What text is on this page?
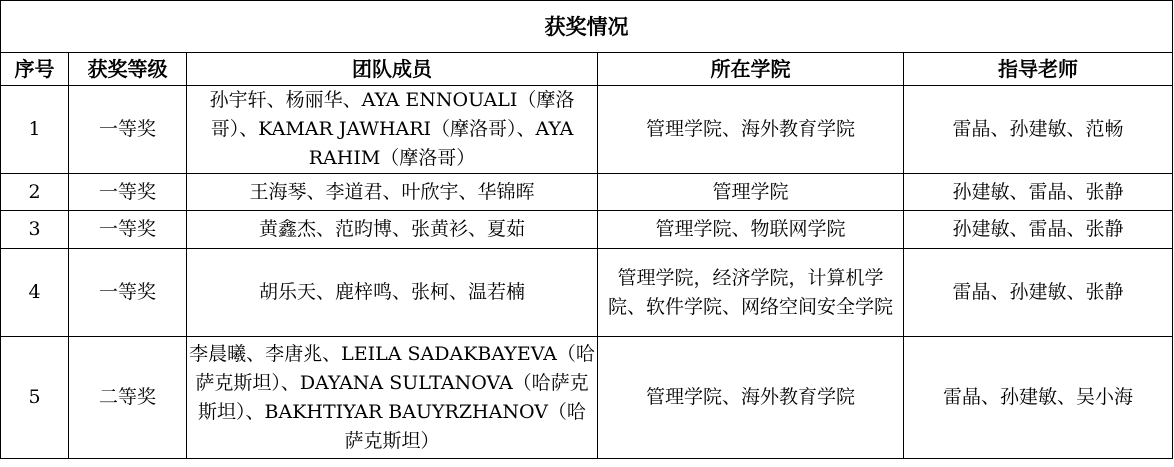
获奖情况				
序号	获奖等级	团队成员	所在学院	指导老师
1	一等奖	孙宇轩、杨丽华、AYA ENNOUALI（摩洛哥）、KAMAR JAWHARI（摩洛哥）、AYA RAHIM（摩洛哥）	管理学院、海外教育学院	雷晶、孙建敏、范畅
2	一等奖	王海琴、李道君、叶欣宇、华锦晖	管理学院	孙建敏、雷晶、张静
3	一等奖	黄鑫杰、范昀博、张黄衫、夏茹	管理学院、物联网学院	孙建敏、雷晶、张静
4	一等奖	胡乐天、鹿梓鸣、张柯、温若楠	管理学院，经济学院，计算机学院、软件学院、网络空间安全学院	雷晶、孙建敏、张静
5	二等奖	李晨曦、李唐兆、LEILA SADAKBAYEVA（哈萨克斯坦）、DAYANA SULTANOVA（哈萨克斯坦）、BAKHTIYAR BAUYRZHANOV（哈萨克斯坦）	管理学院、海外教育学院	雷晶、孙建敏、吴小海
